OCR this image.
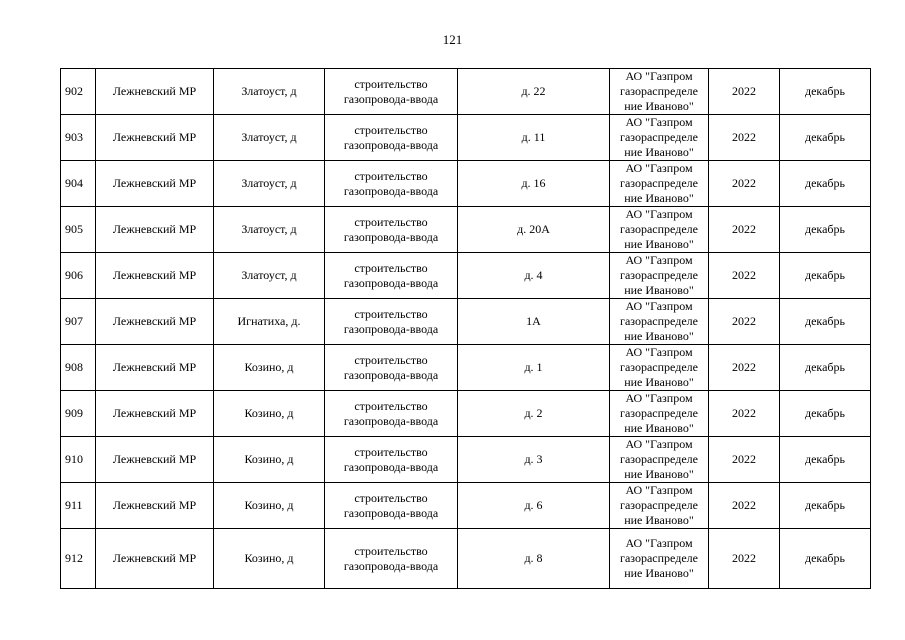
121
902	Лежневский МР	Златоуст, д	строительство
газопровода-ввода	д. 22	АО "Газпром
газораспределе
ние Иваново"	2022	декабрь
903	Лежневский МР	Златоуст, д	строительство
газопровода-ввода	д. 11	АО "Газпром
газораспределе
ние Иваново"	2022	декабрь
904	Лежневский МР	Златоуст, д	строительство
газопровода-ввода	д. 16	АО "Газпром
газораспределе
ние Иваново"	2022	декабрь
905	Лежневский МР	Златоуст, д	строительство
газопровода-ввода	д. 20А	АО "Газпром
газораспределе
ние Иваново"	2022	декабрь
906	Лежневский МР	Златоуст, д	строительство
газопровода-ввода	д. 4	АО "Газпром
газораспределе
ние Иваново"	2022	декабрь
907	Лежневский МР	Игнатиха, д.	строительство
газопровода-ввода	1А	АО "Газпром
газораспределе
ние Иваново"	2022	декабрь
908	Лежневский МР	Козино, д	строительство
газопровода-ввода	д. 1	АО "Газпром
газораспределе
ние Иваново"	2022	декабрь
909	Лежневский МР	Козино, д	строительство
газопровода-ввода	д. 2	АО "Газпром
газораспределе
ние Иваново"	2022	декабрь
910	Лежневский МР	Козино, д	строительство
газопровода-ввода	д. 3	АО "Газпром
газораспределе
ние Иваново"	2022	декабрь
911	Лежневский МР	Козино, д	строительство
газопровода-ввода	д. 6	АО "Газпром
газораспределе
ние Иваново"	2022	декабрь
912	Лежневский МР	Козино, д	строительство
газопровода-ввода	д. 8	АО "Газпром
газораспределе
ние Иваново"	2022	декабрь
